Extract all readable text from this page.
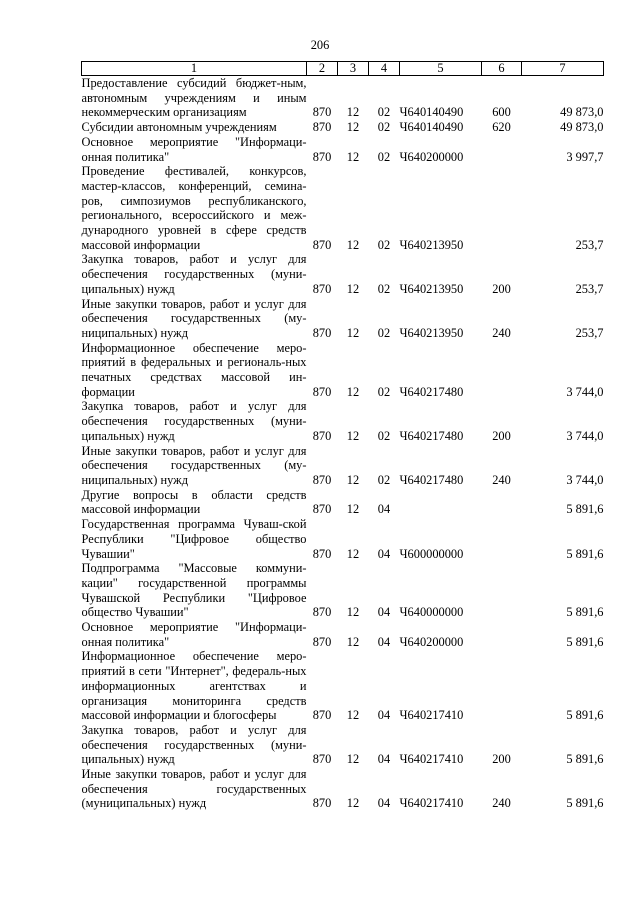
206
1	2	3	4	5	6	7
Предоставление субсидий бюджет-ным, автономным учреждениям и иным некоммерческим организациям	870	12	02	Ч640140490	600	49 873,0
Субсидии автономным учреждениям	870	12	02	Ч640140490	620	49 873,0
Основное мероприятие "Информаци-онная политика"	870	12	02	Ч640200000		3 997,7
Проведение фестивалей, конкурсов, мастер-классов, конференций, семина-ров, симпозиумов республиканского, регионального, всероссийского и меж-дународного уровней в сфере средств массовой информации	870	12	02	Ч640213950		253,7
Закупка товаров, работ и услуг для обеспечения государственных (муни-ципальных) нужд	870	12	02	Ч640213950	200	253,7
Иные закупки товаров, работ и услуг для обеспечения государственных (му-ниципальных) нужд	870	12	02	Ч640213950	240	253,7
Информационное обеспечение меро-приятий в федеральных и региональ-ных печатных средствах массовой ин-формации	870	12	02	Ч640217480		3 744,0
Закупка товаров, работ и услуг для обеспечения государственных (муни-ципальных) нужд	870	12	02	Ч640217480	200	3 744,0
Иные закупки товаров, работ и услуг для обеспечения государственных (му-ниципальных) нужд	870	12	02	Ч640217480	240	3 744,0
Другие вопросы в области средств массовой информации	870	12	04			5 891,6
Государственная программа Чуваш-ской Республики "Цифровое общество Чувашии"	870	12	04	Ч600000000		5 891,6
Подпрограмма "Массовые коммуни-кации" государственной программы Чувашской Республики "Цифровое общество Чувашии"	870	12	04	Ч640000000		5 891,6
Основное мероприятие "Информаци-онная политика"	870	12	04	Ч640200000		5 891,6
Информационное обеспечение меро-приятий в сети "Интернет", федераль-ных информационных агентствах и организация мониторинга средств массовой информации и блогосферы	870	12	04	Ч640217410		5 891,6
Закупка товаров, работ и услуг для обеспечения государственных (муни-ципальных) нужд	870	12	04	Ч640217410	200	5 891,6
Иные закупки товаров, работ и услуг для обеспечения государственных (муниципальных) нужд	870	12	04	Ч640217410	240	5 891,6
